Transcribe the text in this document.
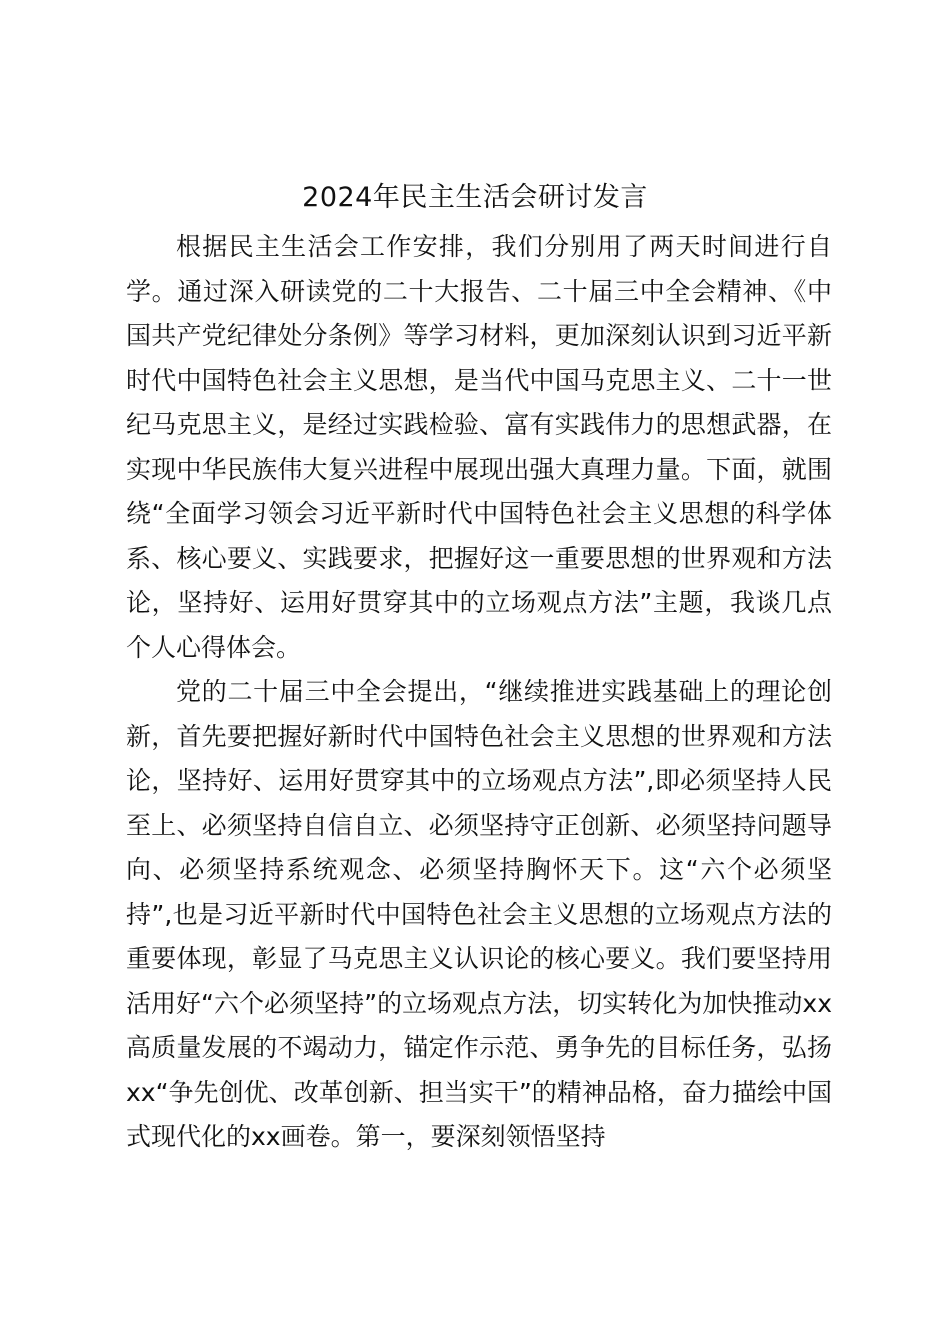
2024年民主生活会研讨发言

根据民主生活会工作安排，我们分别用了两天时间进行自学。通过深入研读党的二十大报告、二十届三中全会精神、《中国共产党纪律处分条例》等学习材料，更加深刻认识到习近平新时代中国特色社会主义思想，是当代中国马克思主义、二十一世纪马克思主义，是经过实践检验、富有实践伟力的思想武器，在实现中华民族伟大复兴进程中展现出强大真理力量。下面，就围绕“全面学习领会习近平新时代中国特色社会主义思想的科学体系、核心要义、实践要求，把握好这一重要思想的世界观和方法论，坚持好、运用好贯穿其中的立场观点方法”主题，我谈几点个人心得体会。

党的二十届三中全会提出，“继续推进实践基础上的理论创新，首先要把握好新时代中国特色社会主义思想的世界观和方法论，坚持好、运用好贯穿其中的立场观点方法”,即必须坚持人民至上、必须坚持自信自立、必须坚持守正创新、必须坚持问题导向、必须坚持系统观念、必须坚持胸怀天下。这“六个必须坚持”,也是习近平新时代中国特色社会主义思想的立场观点方法的重要体现，彰显了马克思主义认识论的核心要义。我们要坚持用活用好“六个必须坚持”的立场观点方法，切实转化为加快推动xx高质量发展的不竭动力，锚定作示范、勇争先的目标任务，弘扬xx“争先创优、改革创新、担当实干”的精神品格，奋力描绘中国式现代化的xx画卷。第一，要深刻领悟坚持
